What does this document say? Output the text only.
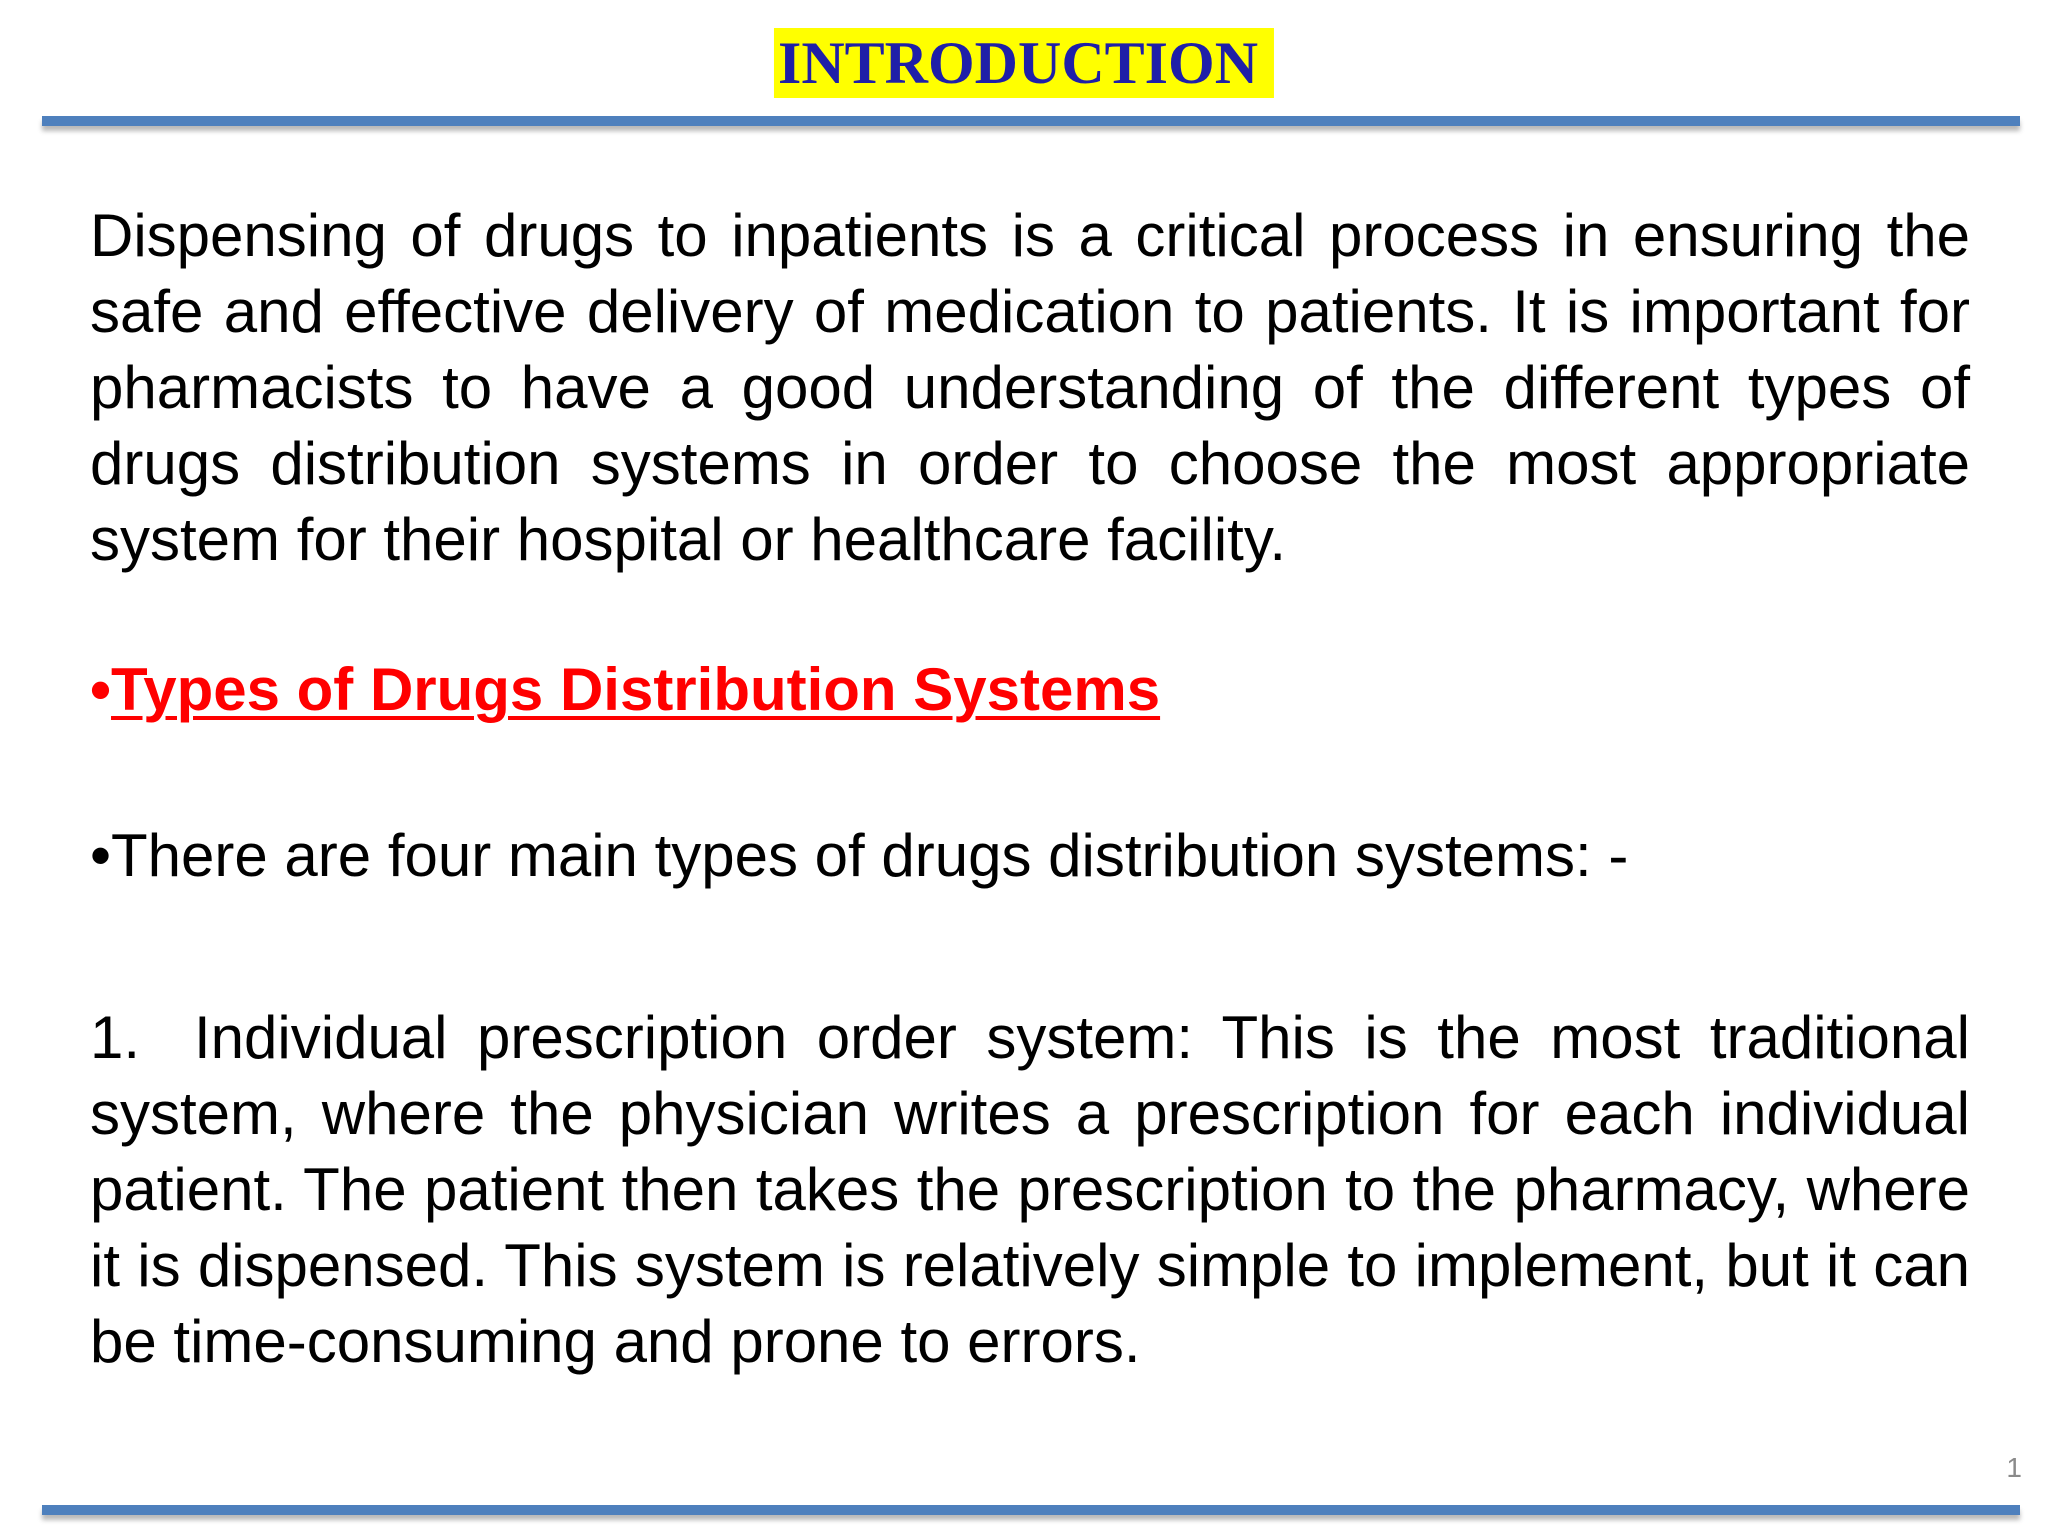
INTRODUCTION

Dispensing of drugs to inpatients is a critical process in ensuring the safe and effective delivery of medication to patients. It is important for pharmacists to have a good understanding of the different types of drugs distribution systems in order to choose the most appropriate system for their hospital or healthcare facility.

•Types of Drugs Distribution Systems

•There are four main types of drugs distribution systems: -

1. Individual prescription order system: This is the most traditional system, where the physician writes a prescription for each individual patient. The patient then takes the prescription to the pharmacy, where it is dispensed. This system is relatively simple to implement, but it can be time-consuming and prone to errors.

1
